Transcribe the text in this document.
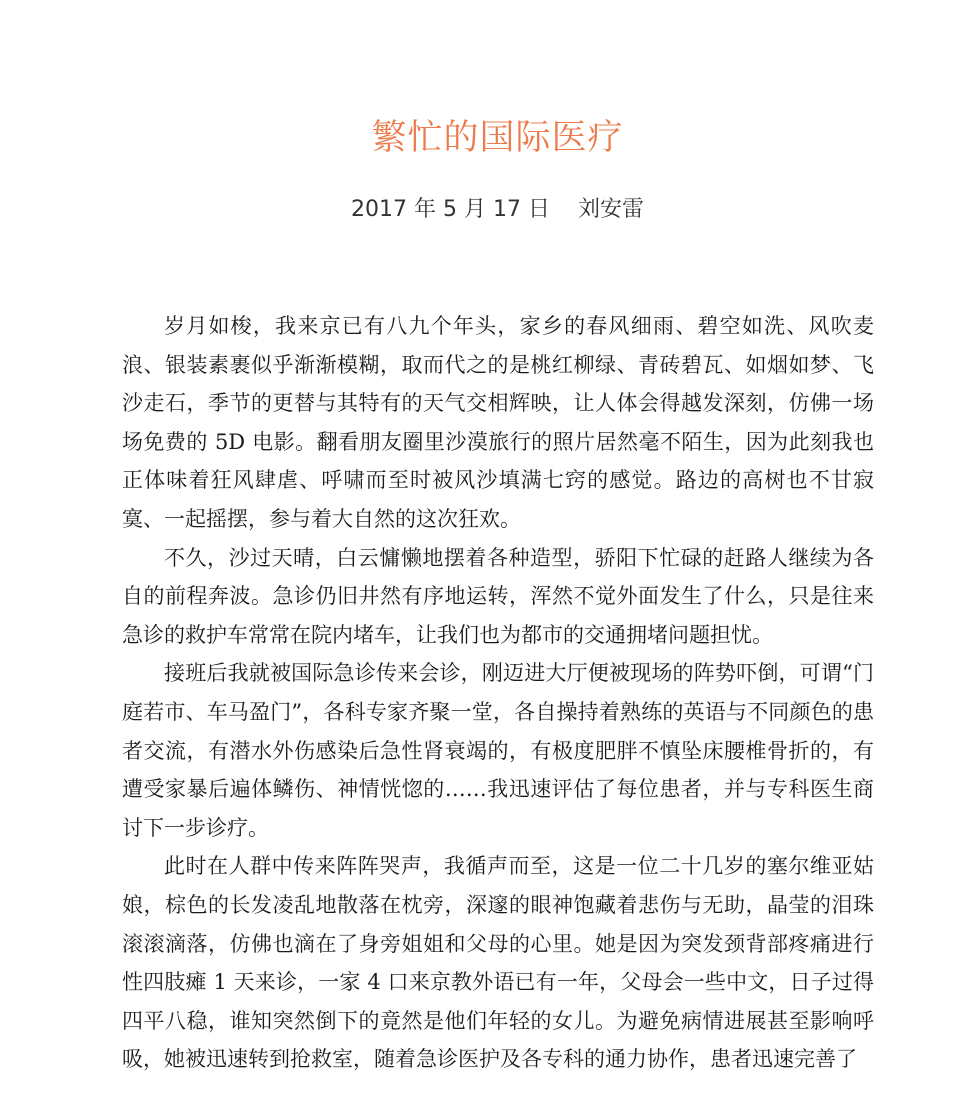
繁忙的国际医疗
2017 年 5 月 17 日    刘安雷

岁月如梭，我来京已有八九个年头，家乡的春风细雨、碧空如洗、风吹麦浪、银装素裹似乎渐渐模糊，取而代之的是桃红柳绿、青砖碧瓦、如烟如梦、飞沙走石，季节的更替与其特有的天气交相辉映，让人体会得越发深刻，仿佛一场场免费的 5D 电影。翻看朋友圈里沙漠旅行的照片居然毫不陌生，因为此刻我也正体味着狂风肆虐、呼啸而至时被风沙填满七窍的感觉。路边的高树也不甘寂寞、一起摇摆，参与着大自然的这次狂欢。

不久，沙过天晴，白云慵懒地摆着各种造型，骄阳下忙碌的赶路人继续为各自的前程奔波。急诊仍旧井然有序地运转，浑然不觉外面发生了什么，只是往来急诊的救护车常常在院内堵车，让我们也为都市的交通拥堵问题担忧。

接班后我就被国际急诊传来会诊，刚迈进大厅便被现场的阵势吓倒，可谓“门庭若市、车马盈门”，各科专家齐聚一堂，各自操持着熟练的英语与不同颜色的患者交流，有潜水外伤感染后急性肾衰竭的，有极度肥胖不慎坠床腰椎骨折的，有遭受家暴后遍体鳞伤、神情恍惚的……我迅速评估了每位患者，并与专科医生商讨下一步诊疗。

此时在人群中传来阵阵哭声，我循声而至，这是一位二十几岁的塞尔维亚姑娘，棕色的长发凌乱地散落在枕旁，深邃的眼神饱藏着悲伤与无助，晶莹的泪珠滚滚滴落，仿佛也滴在了身旁姐姐和父母的心里。她是因为突发颈背部疼痛进行性四肢瘫 1 天来诊，一家 4 口来京教外语已有一年，父母会一些中文，日子过得四平八稳，谁知突然倒下的竟然是他们年轻的女儿。为避免病情进展甚至影响呼吸，她被迅速转到抢救室，随着急诊医护及各专科的通力协作，患者迅速完善了
